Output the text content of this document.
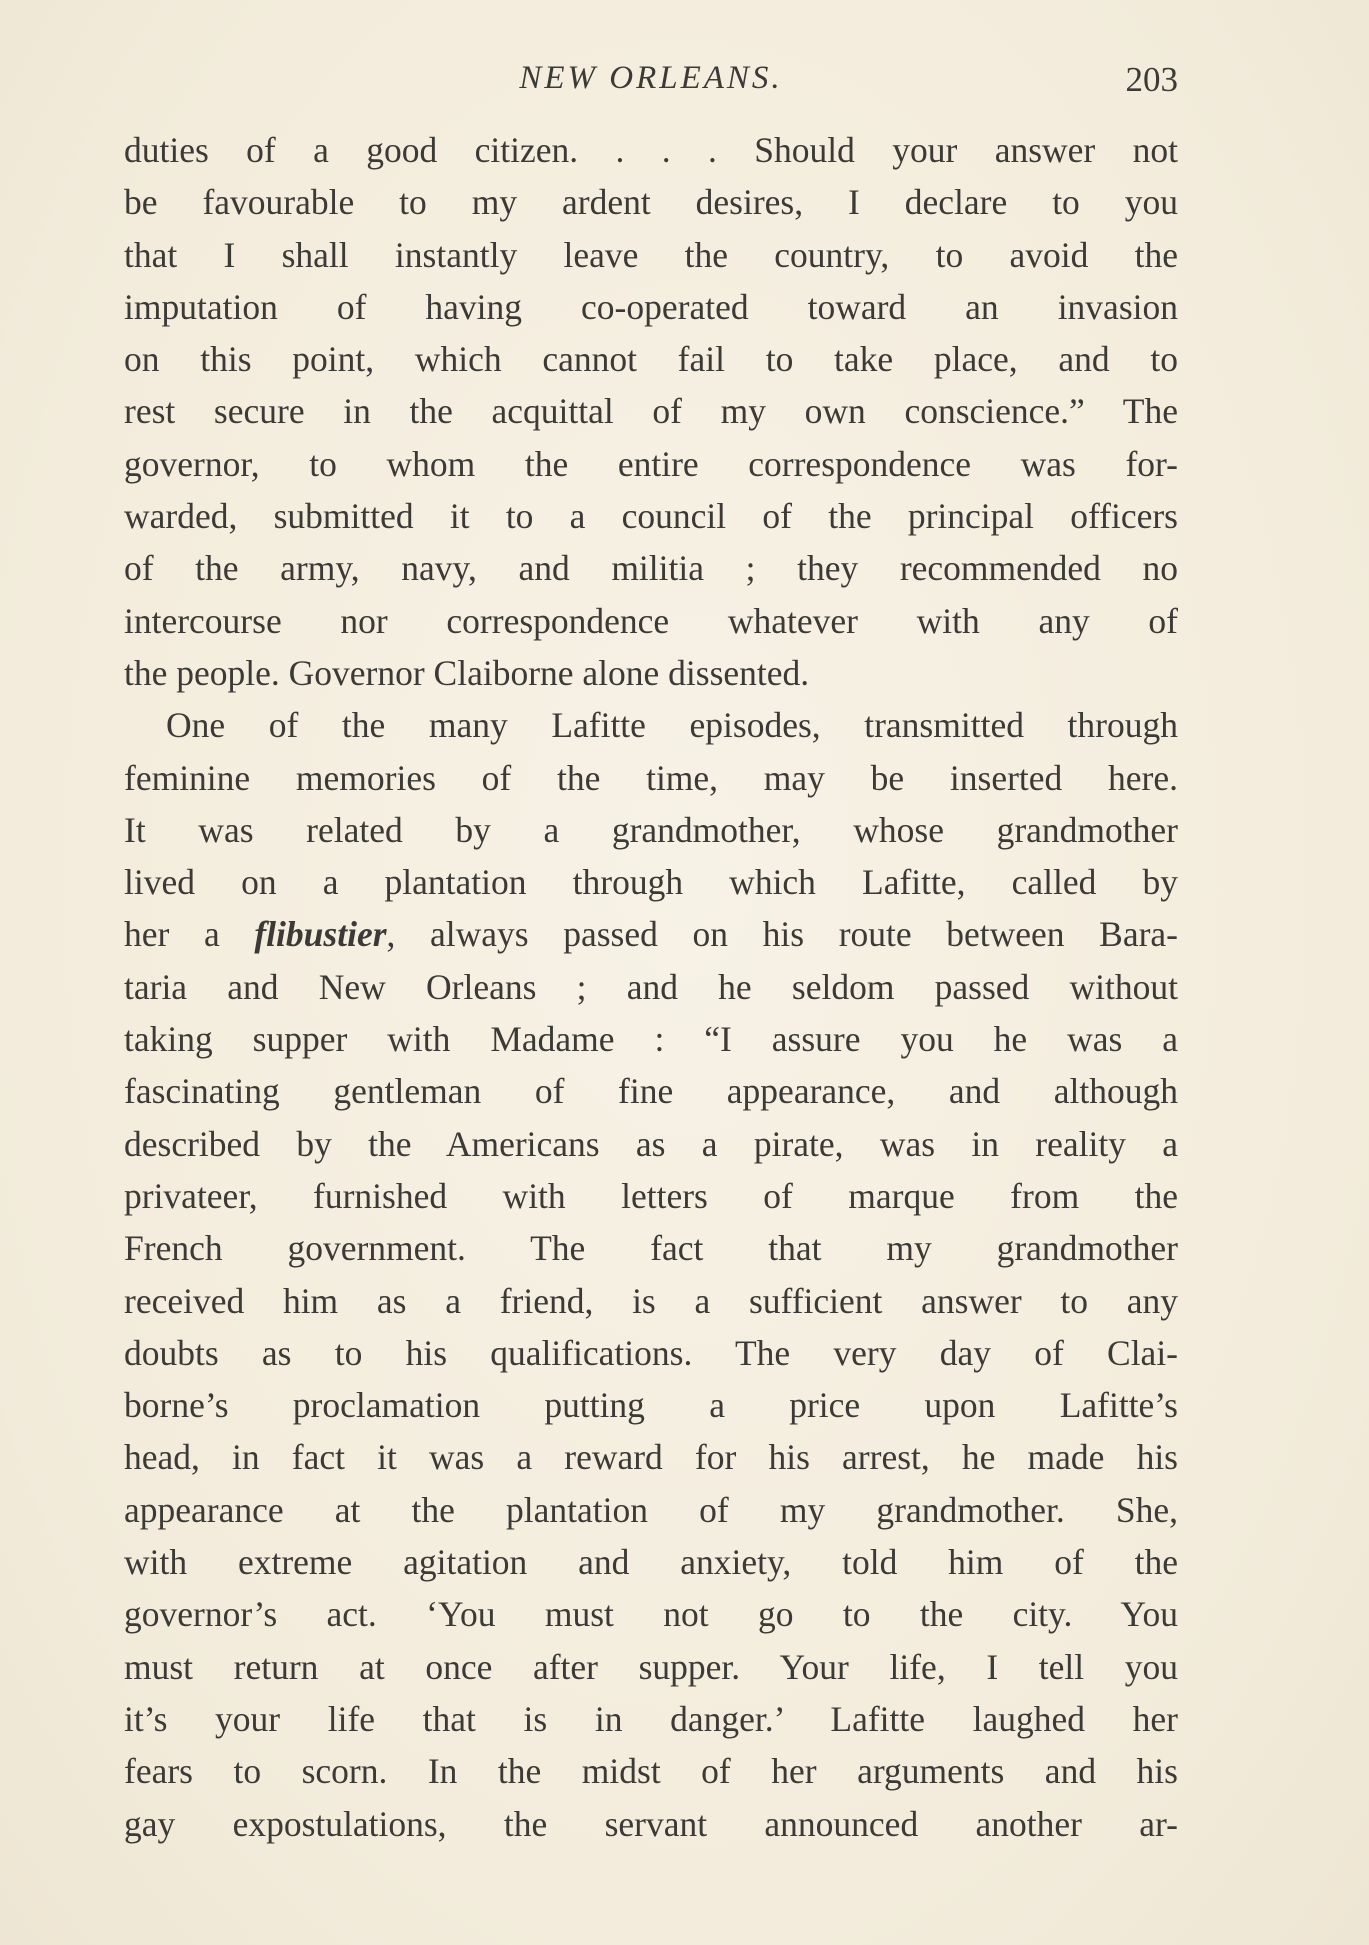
NEW ORLEANS.	203
duties of a good citizen. . . . Should your answer not
be favourable to my ardent desires, I declare to you
that I shall instantly leave the country, to avoid the
imputation of having co-operated toward an invasion
on this point, which cannot fail to take place, and to
rest secure in the acquittal of my own conscience.” The
governor, to whom the entire correspondence was for-
warded, submitted it to a council of the principal officers
of the army, navy, and militia ; they recommended no
intercourse nor correspondence whatever with any of
the people. Governor Claiborne alone dissented.
One of the many Lafitte episodes, transmitted through
feminine memories of the time, may be inserted here.
It was related by a grandmother, whose grandmother
lived on a plantation through which Lafitte, called by
her a flibustier, always passed on his route between Bara-
taria and New Orleans ; and he seldom passed without
taking supper with Madame : “I assure you he was a
fascinating gentleman of fine appearance, and although
described by the Americans as a pirate, was in reality a
privateer, furnished with letters of marque from the
French government. The fact that my grandmother
received him as a friend, is a sufficient answer to any
doubts as to his qualifications. The very day of Clai-
borne’s proclamation putting a price upon Lafitte’s
head, in fact it was a reward for his arrest, he made his
appearance at the plantation of my grandmother. She,
with extreme agitation and anxiety, told him of the
governor’s act. ‘You must not go to the city. You
must return at once after supper. Your life, I tell you
it’s your life that is in danger.’ Lafitte laughed her
fears to scorn. In the midst of her arguments and his
gay expostulations, the servant announced another ar-
